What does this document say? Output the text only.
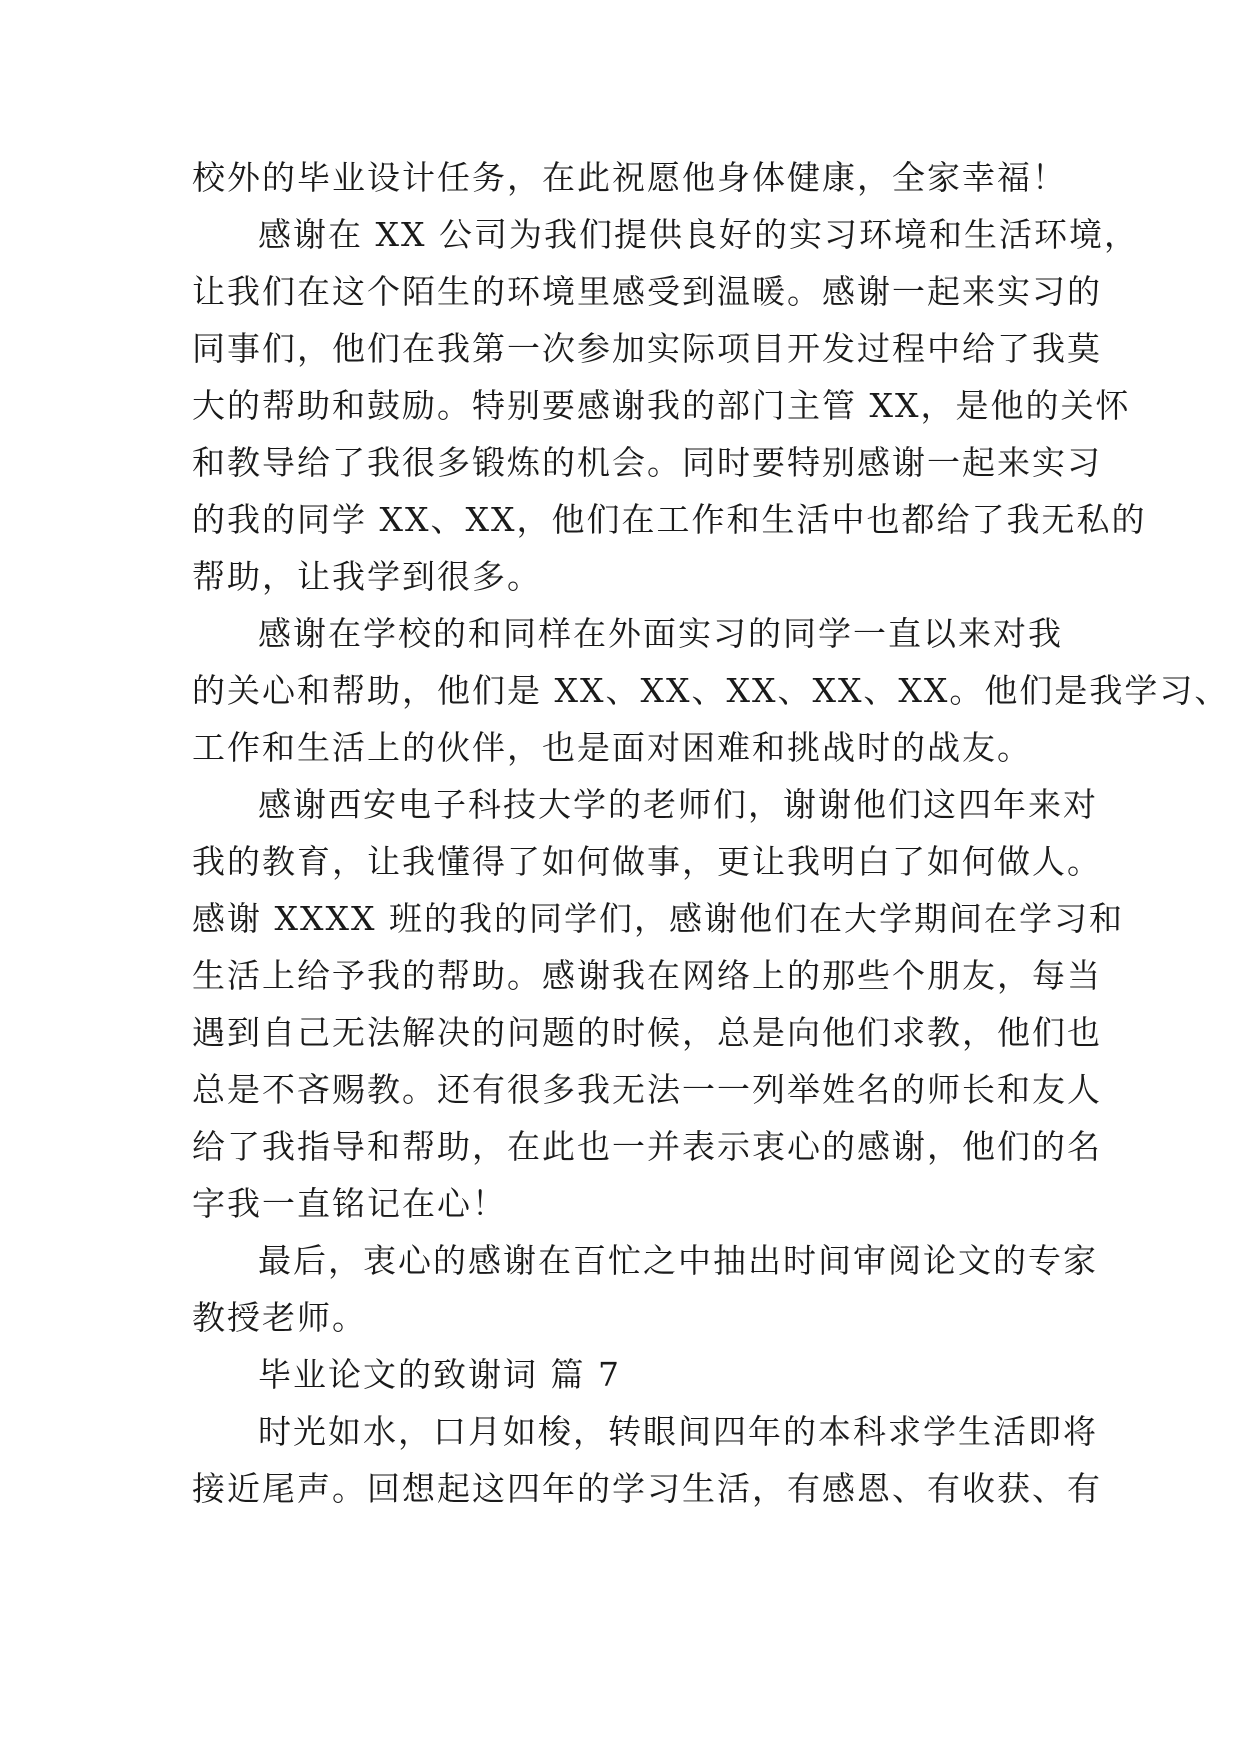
校外的毕业设计任务，在此祝愿他身体健康，全家幸福！
感谢在 XX 公司为我们提供良好的实习环境和生活环境，
让我们在这个陌生的环境里感受到温暖。感谢一起来实习的
同事们，他们在我第一次参加实际项目开发过程中给了我莫
大的帮助和鼓励。特别要感谢我的部门主管 XX，是他的关怀
和教导给了我很多锻炼的机会。同时要特别感谢一起来实习
的我的同学 XX、XX，他们在工作和生活中也都给了我无私的
帮助，让我学到很多。
感谢在学校的和同样在外面实习的同学一直以来对我
的关心和帮助，他们是 XX、XX、XX、XX、XX。他们是我学习、
工作和生活上的伙伴，也是面对困难和挑战时的战友。
感谢西安电子科技大学的老师们，谢谢他们这四年来对
我的教育，让我懂得了如何做事，更让我明白了如何做人。
感谢 XXXX 班的我的同学们，感谢他们在大学期间在学习和
生活上给予我的帮助。感谢我在网络上的那些个朋友，每当
遇到自己无法解决的问题的时候，总是向他们求教，他们也
总是不吝赐教。还有很多我无法一一列举姓名的师长和友人
给了我指导和帮助，在此也一并表示衷心的感谢，他们的名
字我一直铭记在心！
最后，衷心的感谢在百忙之中抽出时间审阅论文的专家
教授老师。
毕业论文的致谢词 篇 7
时光如水，口月如梭，转眼间四年的本科求学生活即将
接近尾声。回想起这四年的学习生活，有感恩、有收获、有
